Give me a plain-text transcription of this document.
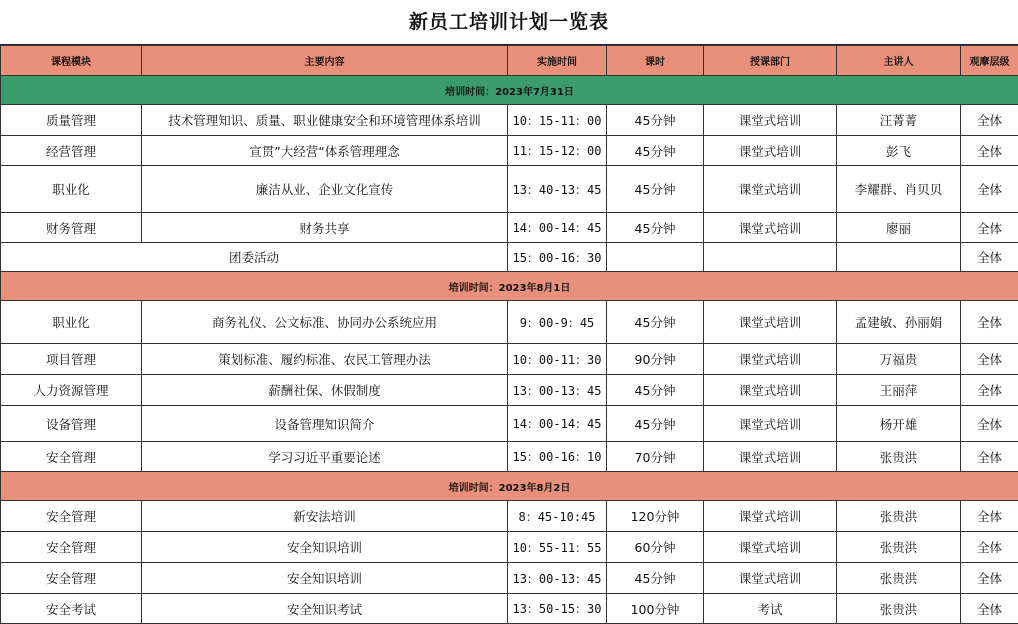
新员工培训计划一览表
课程模块	主要内容	实施时间	课时	授课部门	主讲人	观摩层级
培训时间：2023年7月31日						
质量管理	技术管理知识、质量、职业健康安全和环境管理体系培训	10：15-11：00	45分钟	课堂式培训	汪菁菁	全体
经营管理	宣贯”大经营“体系管理理念	11：15-12：00	45分钟	课堂式培训	彭飞	全体
职业化	廉洁从业、企业文化宣传	13：40-13：45	45分钟	课堂式培训	李耀群、肖贝贝	全体
财务管理	财务共享	14：00-14：45	45分钟	课堂式培训	廖丽	全体
团委活动		15：00-16：30				全体
培训时间：2023年8月1日						
职业化	商务礼仪、公文标准、协同办公系统应用	9：00-9：45	45分钟	课堂式培训	孟建敏、孙丽娟	全体
项目管理	策划标准、履约标准、农民工管理办法	10：00-11：30	90分钟	课堂式培训	万福贵	全体
人力资源管理	薪酬社保、休假制度	13：00-13：45	45分钟	课堂式培训	王丽萍	全体
设备管理	设备管理知识简介	14：00-14：45	45分钟	课堂式培训	杨开雄	全体
安全管理	学习习近平重要论述	15：00-16：10	70分钟	课堂式培训	张贵洪	全体
培训时间：2023年8月2日						
安全管理	新安法培训	8：45-10:45	120分钟	课堂式培训	张贵洪	全体
安全管理	安全知识培训	10：55-11：55	60分钟	课堂式培训	张贵洪	全体
安全管理	安全知识培训	13：00-13：45	45分钟	课堂式培训	张贵洪	全体
安全考试	安全知识考试	13：50-15：30	100分钟	考试	张贵洪	全体
